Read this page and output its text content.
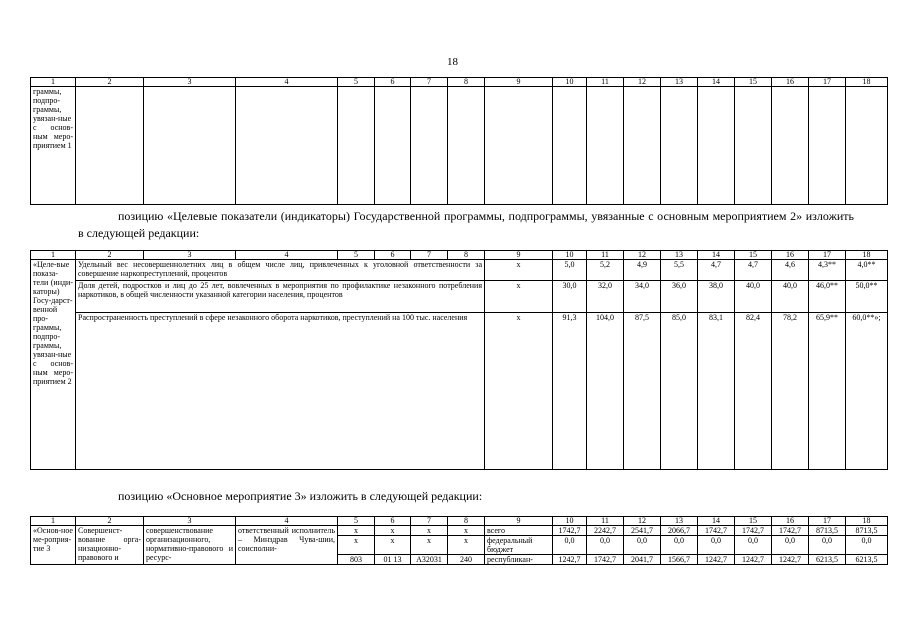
18
1	2	3	4	5	6	7	8	9	10	11	12	13	14	15	16	17	18
граммы, подпро-граммы, увязан-ные с основ-ным меро-приятием 1																	
позицию «Целевые показатели (индикаторы) Государственной программы, подпрограммы, увязанные с основным мероприятием 2» изложить в следующей редакции:
1	2	3	4	5	6	7	8	9	10	11	12	13	14	15	16	17	18
«Целе-вые показа-тели (инди-каторы) Госу-дарст-венной про-граммы, подпро-граммы, увязан-ные с основ-ным меро-приятием 2	Удельный вес несовершеннолетних лиц в общем числе лиц, привлеченных к уголовной ответственности за совершение наркопреступлений, процентов							х	5,0	5,2	4,9	5,5	4,7	4,7	4,6	4,3**	4,0**
	Доля детей, подростков и лиц до 25 лет, вовлеченных в мероприятия по профилактике незаконного потребления наркотиков, в общей численности указанной категории населения, процентов							х	30,0	32,0	34,0	36,0	38,0	40,0	40,0	46,0**	50,0**
	Распространенность преступлений в сфере незаконного оборота наркотиков, преступлений на 100 тыс. населения							х	91,3	104,0	87,5	85,0	83,1	82,4	78,2	65,9**	60,0**»;
позицию «Основное мероприятие 3» изложить в следующей редакции:
1	2	3	4	5	6	7	8	9	10	11	12	13	14	15	16	17	18
«Основ-ное ме-роприя-тие 3	Совершенст-вование орга-низационно-правового и	совершенствование организационного, нормативно-правового и ресурс-	ответственный исполнитель – Минздрав Чува-шии, соисполни-	х	х	х	х	всего	1742,7	2242,7	2541,7	2066,7	1742,7	1742,7	1742,7	8713,5	8713,5
				х	х	х	х	федеральный бюджет	0,0	0,0	0,0	0,0	0,0	0,0	0,0	0,0	0,0
				803	01 13	А32031	240	республикан-	1242,7	1742,7	2041,7	1566,7	1242,7	1242,7	1242,7	6213,5	6213,5
